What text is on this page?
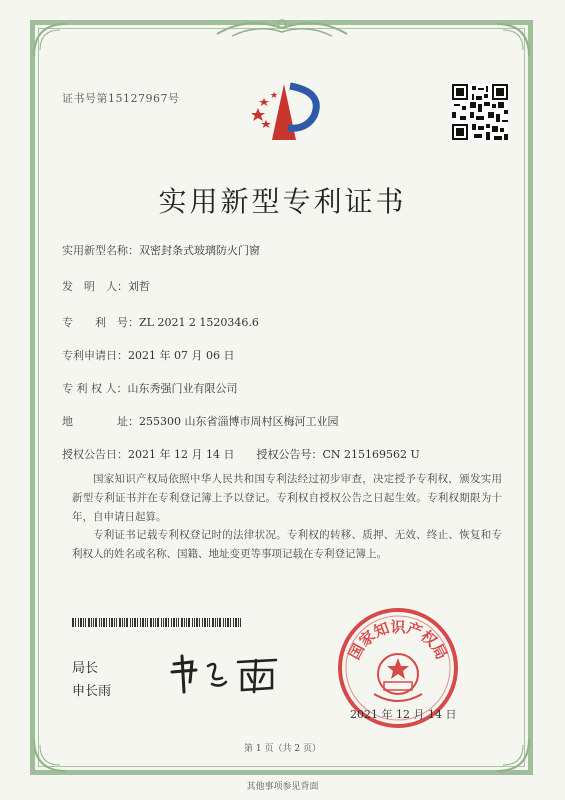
证书号第15127967号
实用新型专利证书
实用新型名称：双密封条式玻璃防火门窗
发　明　人：刘哲
专　　利　号：ZL 2021 2 1520346.6
专利申请日：2021 年 07 月 06 日
专 利 权 人：山东秀强门业有限公司
地　　　　址：255300 山东省淄博市周村区梅河工业园
授权公告日：2021 年 12 月 14 日　　授权公告号：CN 215169562 U

国家知识产权局依照中华人民共和国专利法经过初步审查，决定授予专利权，颁发实用新型专利证书并在专利登记簿上予以登记。专利权自授权公告之日起生效。专利权期限为十年，自申请日起算。

专利证书记载专利权登记时的法律状况。专利权的转移、质押、无效、终止、恢复和专利权人的姓名或名称、国籍、地址变更等事项记载在专利登记簿上。

局长
申长雨
国家知识产权局
2021 年 12 月 14 日
第 1 页（共 2 页）
其他事项参见背面
